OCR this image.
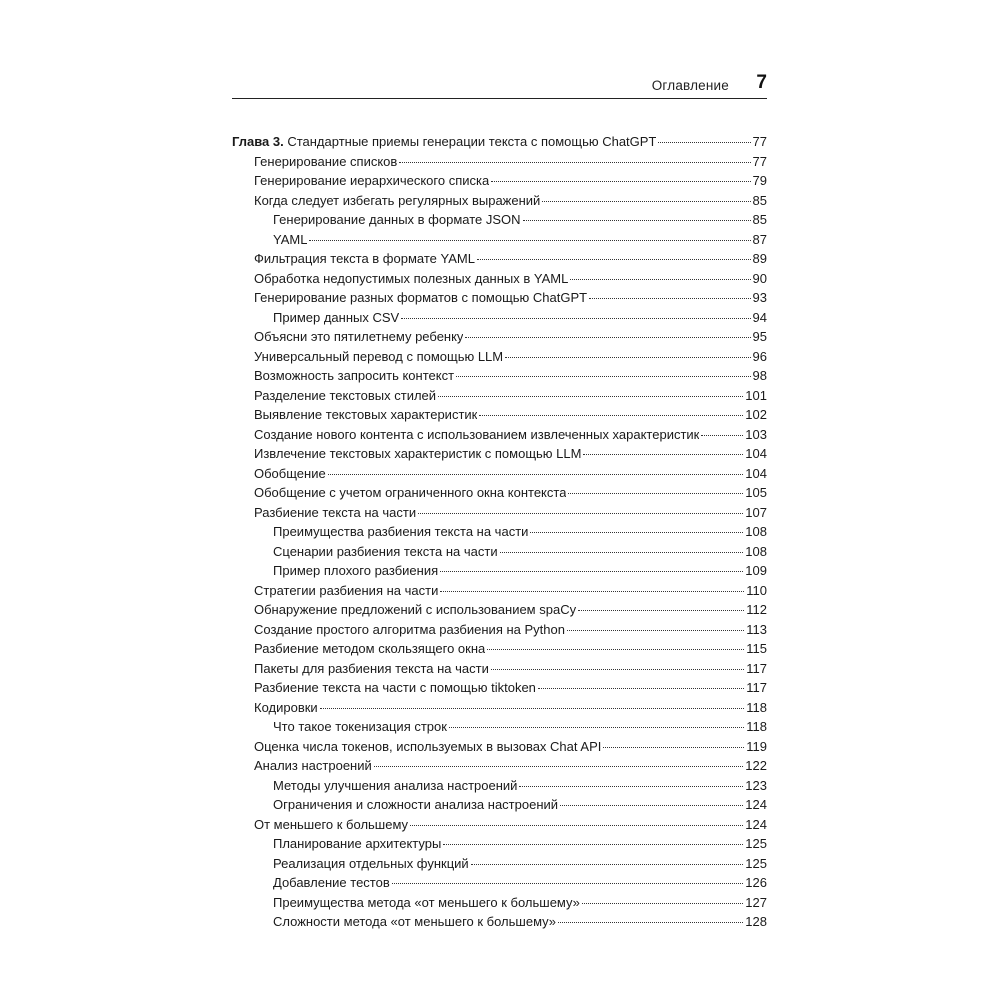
Оглавление 7
Глава 3. Стандартные приемы генерации текста с помощью ChatGPT	77
Генерирование списков	77
Генерирование иерархического списка	79
Когда следует избегать регулярных выражений	85
Генерирование данных в формате JSON	85
YAML	87
Фильтрация текста в формате YAML	89
Обработка недопустимых полезных данных в YAML	90
Генерирование разных форматов с помощью ChatGPT	93
Пример данных CSV	94
Объясни это пятилетнему ребенку	95
Универсальный перевод с помощью LLM	96
Возможность запросить контекст	98
Разделение текстовых стилей	101
Выявление текстовых характеристик	102
Создание нового контента с использованием извлеченных характеристик	103
Извлечение текстовых характеристик с помощью LLM	104
Обобщение	104
Обобщение с учетом ограниченного окна контекста	105
Разбиение текста на части	107
Преимущества разбиения текста на части	108
Сценарии разбиения текста на части	108
Пример плохого разбиения	109
Стратегии разбиения на части	110
Обнаружение предложений с использованием spaCy	112
Создание простого алгоритма разбиения на Python	113
Разбиение методом скользящего окна	115
Пакеты для разбиения текста на части	117
Разбиение текста на части с помощью tiktoken	117
Кодировки	118
Что такое токенизация строк	118
Оценка числа токенов, используемых в вызовах Chat API	119
Анализ настроений	122
Методы улучшения анализа настроений	123
Ограничения и сложности анализа настроений	124
От меньшего к большему	124
Планирование архитектуры	125
Реализация отдельных функций	125
Добавление тестов	126
Преимущества метода «от меньшего к большему»	127
Сложности метода «от меньшего к большему»	128
